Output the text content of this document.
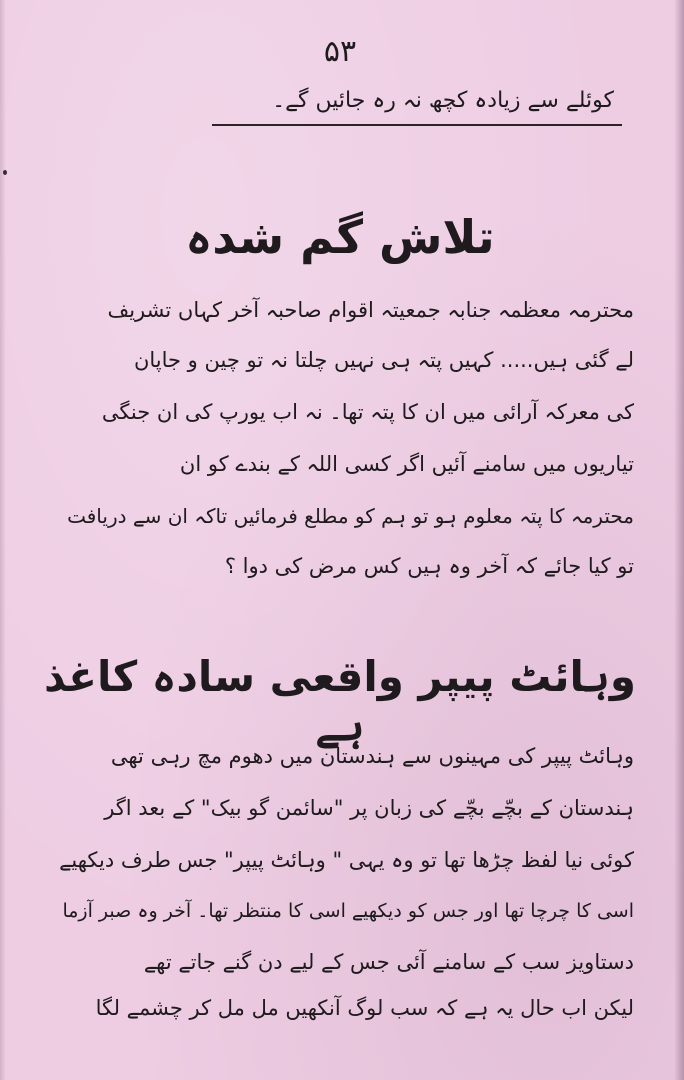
۵۳
کوئلے سے زیادہ کچھ نہ رہ جائیں گے۔
تلاش گم شدہ
محترمہ معظمہ جنابہ جمعیتہ اقوام صاحبہ آخر کہاں تشریف
لے گئی ہیں..... کہیں پتہ ہی نہیں چلتا نہ تو چین و جاپان
کی معرکہ آرائی میں ان کا پتہ تھا۔ نہ اب یورپ کی ان جنگی
تیاریوں میں سامنے آئیں اگر کسی اللہ کے بندے کو ان
محترمہ کا پتہ معلوم ہو تو ہم کو مطلع فرمائیں تاکہ ان سے دریافت
تو کیا جائے کہ آخر وہ ہیں کس مرض کی دوا ؟
وہائٹ پیپر واقعی سادہ کاغذ ہے
وہائٹ پیپر کی مہینوں سے ہندستان میں دھوم مچ رہی تھی
ہندستان کے بچّے بچّے کی زبان پر "سائمن گو بیک" کے بعد اگر
کوئی نیا لفظ چڑھا تھا تو وہ یہی " وہائٹ پیپر" جس طرف دیکھیے
اسی کا چرچا تھا اور جس کو دیکھیے اسی کا منتظر تھا۔ آخر وہ صبر آزما
دستاویز سب کے سامنے آئی جس کے لیے دن گنے جاتے تھے
لیکن اب حال یہ ہے کہ سب لوگ آنکھیں مل مل کر چشمے لگا
